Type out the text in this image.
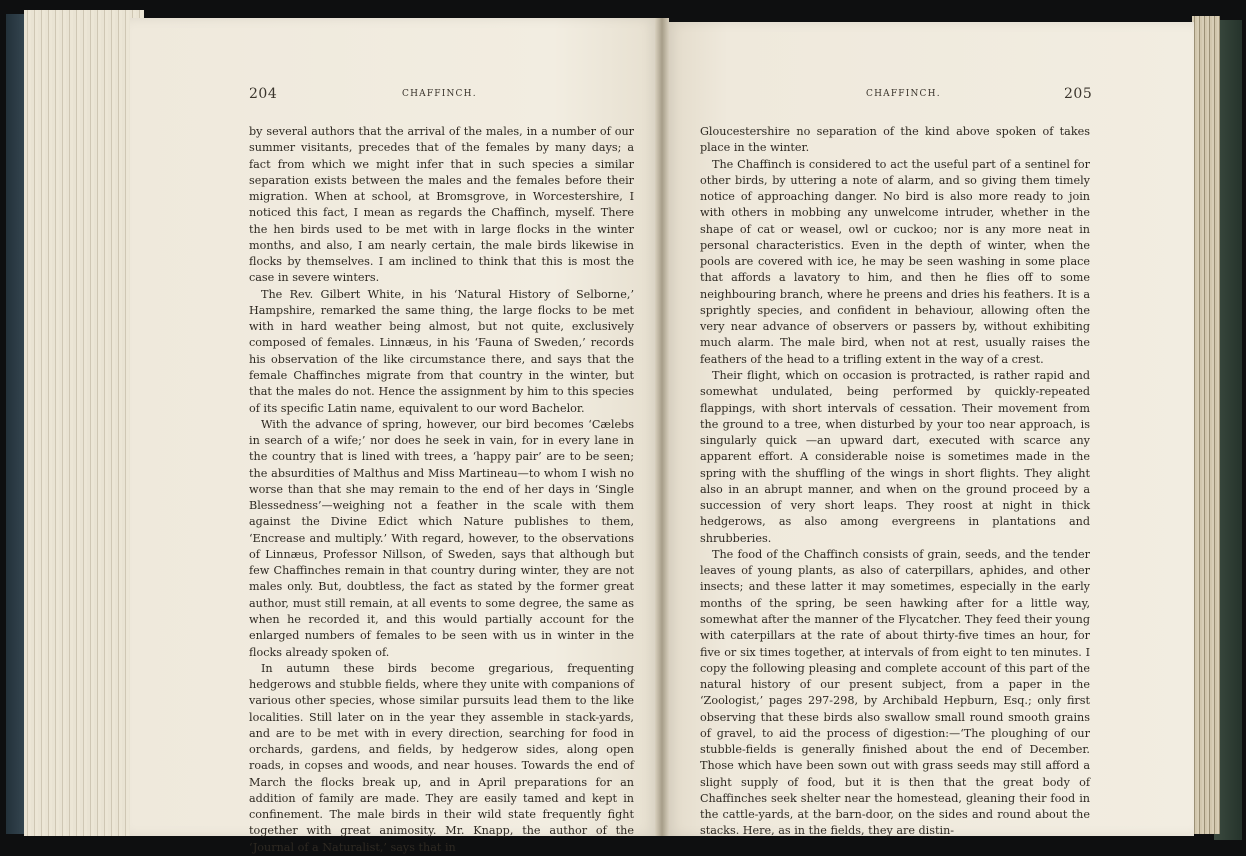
204	CHAFFINCH.	CHAFFINCH.	205

by several authors that the arrival of the males, in a number of our summer visitants, precedes that of the females by many days; a fact from which we might infer that in such species a similar separation exists between the males and the females before their migration. When at school, at Bromsgrove, in Worcestershire, I noticed this fact, I mean as regards the Chaffinch, myself. There the hen birds used to be met with in large flocks in the winter months, and also, I am nearly certain, the male birds likewise in flocks by themselves. I am inclined to think that this is most the case in severe winters.

The Rev. Gilbert White, in his ‘Natural History of Selborne,’ Hampshire, remarked the same thing, the large flocks to be met with in hard weather being almost, but not quite, exclusively composed of females. Linnæus, in his ‘Fauna of Sweden,’ records his observation of the like circumstance there, and says that the female Chaffinches migrate from that country in the winter, but that the males do not. Hence the assignment by him to this species of its specific Latin name, equivalent to our word Bachelor.

With the advance of spring, however, our bird becomes ‘Cælebs in search of a wife;’ nor does he seek in vain, for in every lane in the country that is lined with trees, a ‘happy pair’ are to be seen; the absurdities of Malthus and Miss Martineau—to whom I wish no worse than that she may remain to the end of her days in ‘Single Blessedness’—weighing not a feather in the scale with them against the Divine Edict which Nature publishes to them, ‘Encrease and multiply.’ With regard, however, to the observations of Linnæus, Professor Nillson, of Sweden, says that although but few Chaffinches remain in that country during winter, they are not males only. But, doubtless, the fact as stated by the former great author, must still remain, at all events to some degree, the same as when he recorded it, and this would partially account for the enlarged numbers of females to be seen with us in winter in the flocks already spoken of.

In autumn these birds become gregarious, frequenting hedgerows and stubble fields, where they unite with companions of various other species, whose similar pursuits lead them to the like localities. Still later on in the year they assemble in stack-yards, and are to be met with in every direction, searching for food in orchards, gardens, and fields, by hedgerow sides, along open roads, in copses and woods, and near houses. Towards the end of March the flocks break up, and in April preparations for an addition of family are made. They are easily tamed and kept in confinement. The male birds in their wild state frequently fight together with great animosity. Mr. Knapp, the author of the ‘Journal of a Naturalist,’ says that in

Gloucestershire no separation of the kind above spoken of takes place in the winter.

The Chaffinch is considered to act the useful part of a sentinel for other birds, by uttering a note of alarm, and so giving them timely notice of approaching danger. No bird is also more ready to join with others in mobbing any unwelcome intruder, whether in the shape of cat or weasel, owl or cuckoo; nor is any more neat in personal characteristics. Even in the depth of winter, when the pools are covered with ice, he may be seen washing in some place that affords a lavatory to him, and then he flies off to some neighbouring branch, where he preens and dries his feathers. It is a sprightly species, and confident in behaviour, allowing often the very near advance of observers or passers by, without exhibiting much alarm. The male bird, when not at rest, usually raises the feathers of the head to a trifling extent in the way of a crest.

Their flight, which on occasion is protracted, is rather rapid and somewhat undulated, being performed by quickly-repeated flappings, with short intervals of cessation. Their movement from the ground to a tree, when disturbed by your too near approach, is singularly quick —an upward dart, executed with scarce any apparent effort. A considerable noise is sometimes made in the spring with the shuffling of the wings in short flights. They alight also in an abrupt manner, and when on the ground proceed by a succession of very short leaps. They roost at night in thick hedgerows, as also among evergreens in plantations and shrubberies.

The food of the Chaffinch consists of grain, seeds, and the tender leaves of young plants, as also of caterpillars, aphides, and other insects; and these latter it may sometimes, especially in the early months of the spring, be seen hawking after for a little way, somewhat after the manner of the Flycatcher. They feed their young with caterpillars at the rate of about thirty-five times an hour, for five or six times together, at intervals of from eight to ten minutes. I copy the following pleasing and complete account of this part of the natural history of our present subject, from a paper in the ‘Zoologist,’ pages 297-298, by Archibald Hepburn, Esq.; only first observing that these birds also swallow small round smooth grains of gravel, to aid the process of digestion:—‘The ploughing of our stubble-fields is generally finished about the end of December. Those which have been sown out with grass seeds may still afford a slight supply of food, but it is then that the great body of Chaffinches seek shelter near the homestead, gleaning their food in the cattle-yards, at the barn-door, on the sides and round about the stacks. Here, as in the fields, they are distin-
